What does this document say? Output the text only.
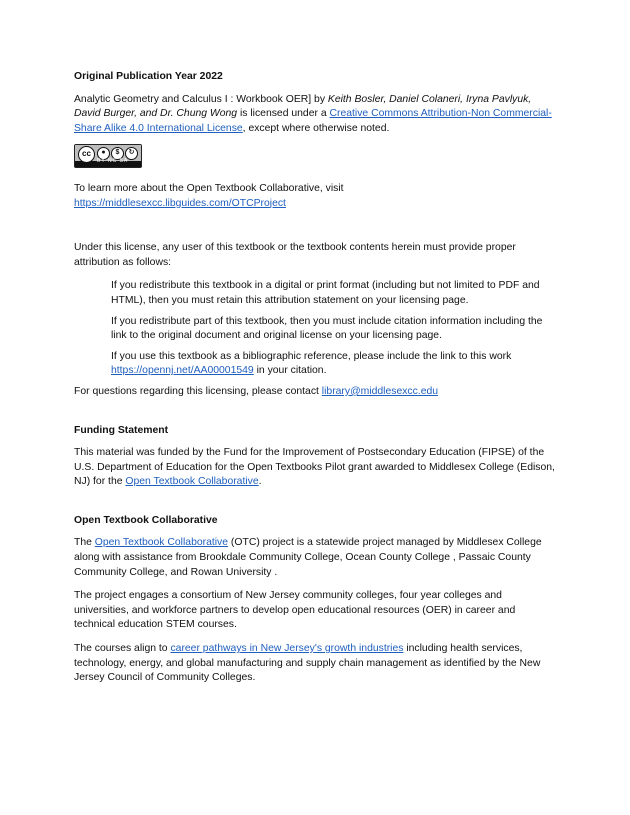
Original Publication Year 2022

Analytic Geometry and Calculus I : Workbook OER] by Keith Bosler, Daniel Colaneri, Iryna Pavlyuk, David Burger, and Dr. Chung Wong is licensed under a Creative Commons Attribution-Non Commercial-Share Alike 4.0 International License, except where otherwise noted.

cc	●	$	↻
BY NC SA

To learn more about the Open Textbook Collaborative, visit

https://middlesexcc.libguides.com/OTCProject

Under this license, any user of this textbook or the textbook contents herein must provide proper attribution as follows:

If you redistribute this textbook in a digital or print format (including but not limited to PDF and HTML), then you must retain this attribution statement on your licensing page.

If you redistribute part of this textbook, then you must include citation information including the link to the original document and original license on your licensing page.

If you use this textbook as a bibliographic reference, please include the link to this work https://opennj.net/AA00001549 in your citation.

For questions regarding this licensing, please contact library@middlesexcc.edu

Funding Statement

This material was funded by the Fund for the Improvement of Postsecondary Education (FIPSE) of the U.S. Department of Education for the Open Textbooks Pilot grant awarded to Middlesex College (Edison, NJ) for the Open Textbook Collaborative.

Open Textbook Collaborative

The Open Textbook Collaborative (OTC) project is a statewide project managed by Middlesex College along with assistance from Brookdale Community College, Ocean County College , Passaic County Community College, and Rowan University .

The project engages a consortium of New Jersey community colleges, four year colleges and universities, and workforce partners to develop open educational resources (OER) in career and technical education STEM courses.

The courses align to career pathways in New Jersey's growth industries including health services, technology, energy, and global manufacturing and supply chain management as identified by the New Jersey Council of Community Colleges.
